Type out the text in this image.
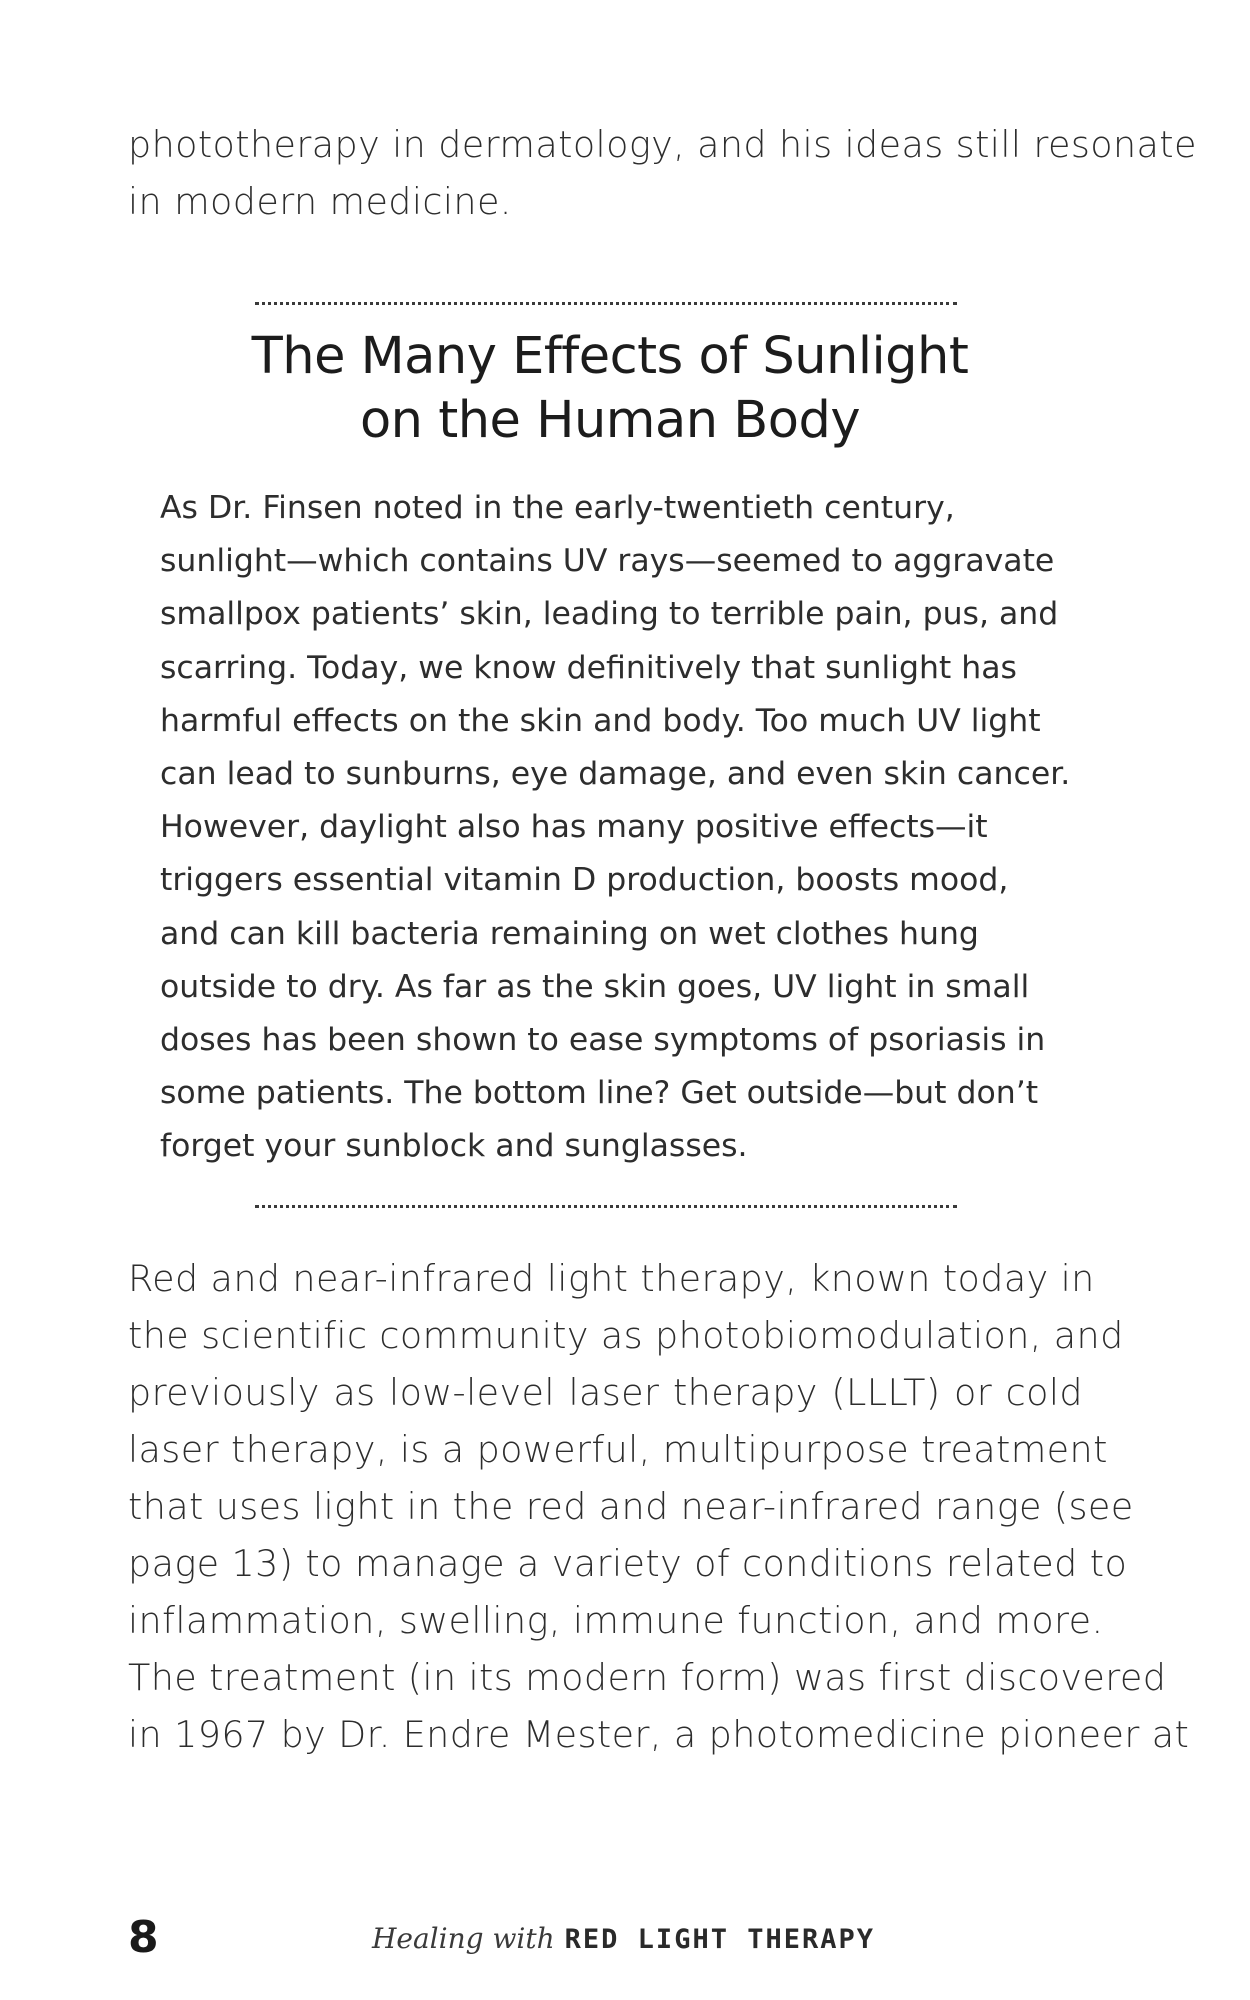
phototherapy in dermatology, and his ideas still resonate
in modern medicine.
The Many Effects of Sunlight
on the Human Body
As Dr. Finsen noted in the early-twentieth century,
sunlight—which contains UV rays—seemed to aggravate
smallpox patients’ skin, leading to terrible pain, pus, and
scarring. Today, we know definitively that sunlight has
harmful effects on the skin and body. Too much UV light
can lead to sunburns, eye damage, and even skin cancer.
However, daylight also has many positive effects—it
triggers essential vitamin D production, boosts mood,
and can kill bacteria remaining on wet clothes hung
outside to dry. As far as the skin goes, UV light in small
doses has been shown to ease symptoms of psoriasis in
some patients. The bottom line? Get outside—but don’t
forget your sunblock and sunglasses.
Red and near-infrared light therapy, known today in
the scientific community as photobiomodulation, and
previously as low-level laser therapy (LLLT) or cold
laser therapy, is a powerful, multipurpose treatment
that uses light in the red and near-infrared range (see
page 13) to manage a variety of conditions related to
inflammation, swelling, immune function, and more.
The treatment (in its modern form) was first discovered
in 1967 by Dr. Endre Mester, a photomedicine pioneer at
8	Healing with RED LIGHT THERAPY
